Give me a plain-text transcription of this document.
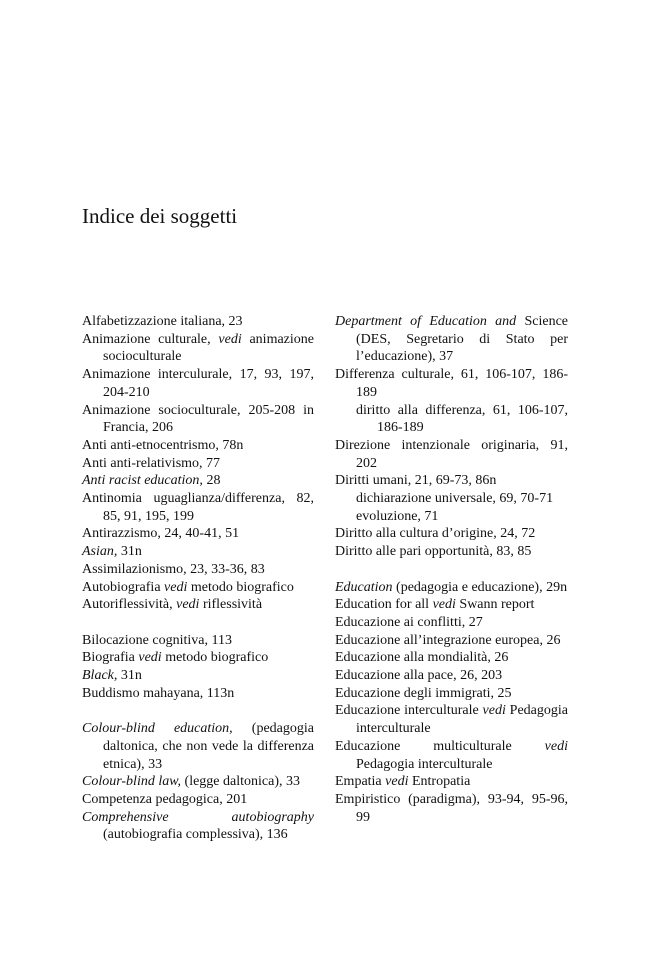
Indice dei soggetti

Alfabetizzazione italiana, 23

Animazione culturale, vedi animazione socioculturale

Animazione interculurale, 17, 93, 197, 204-210

Animazione socioculturale, 205-208 in Francia, 206

Anti anti-etnocentrismo, 78n

Anti anti-relativismo, 77

Anti racist education, 28

Antinomia uguaglianza/differenza, 82, 85, 91, 195, 199

Antirazzismo, 24, 40-41, 51

Asian, 31n

Assimilazionismo, 23, 33-36, 83

Autobiografia vedi metodo biografico

Autoriflessività, vedi riflessività

Bilocazione cognitiva, 113

Biografia vedi metodo biografico

Black, 31n

Buddismo mahayana, 113n

Colour-blind education, (pedagogia daltonica, che non vede la differenza etnica), 33

Colour-blind law, (legge daltonica), 33

Competenza pedagogica, 201

Comprehensive autobiography (autobiografia complessiva), 136

Department of Education and Science (DES, Segretario di Stato per l’educazione), 37

Differenza culturale, 61, 106-107, 186-189

diritto alla differenza, 61, 106-107, 186-189

Direzione intenzionale originaria, 91, 202

Diritti umani, 21, 69-73, 86n

dichiarazione universale, 69, 70-71

evoluzione, 71

Diritto alla cultura d’origine, 24, 72

Diritto alle pari opportunità, 83, 85

Education (pedagogia e educazione), 29n

Education for all vedi Swann report

Educazione ai conflitti, 27

Educazione all’integrazione europea, 26

Educazione alla mondialità, 26

Educazione alla pace, 26, 203

Educazione degli immigrati, 25

Educazione interculturale vedi Pedagogia interculturale

Educazione multiculturale vedi Pedagogia interculturale

Empatia vedi Entropatia

Empiristico (paradigma), 93-94, 95-96, 99
